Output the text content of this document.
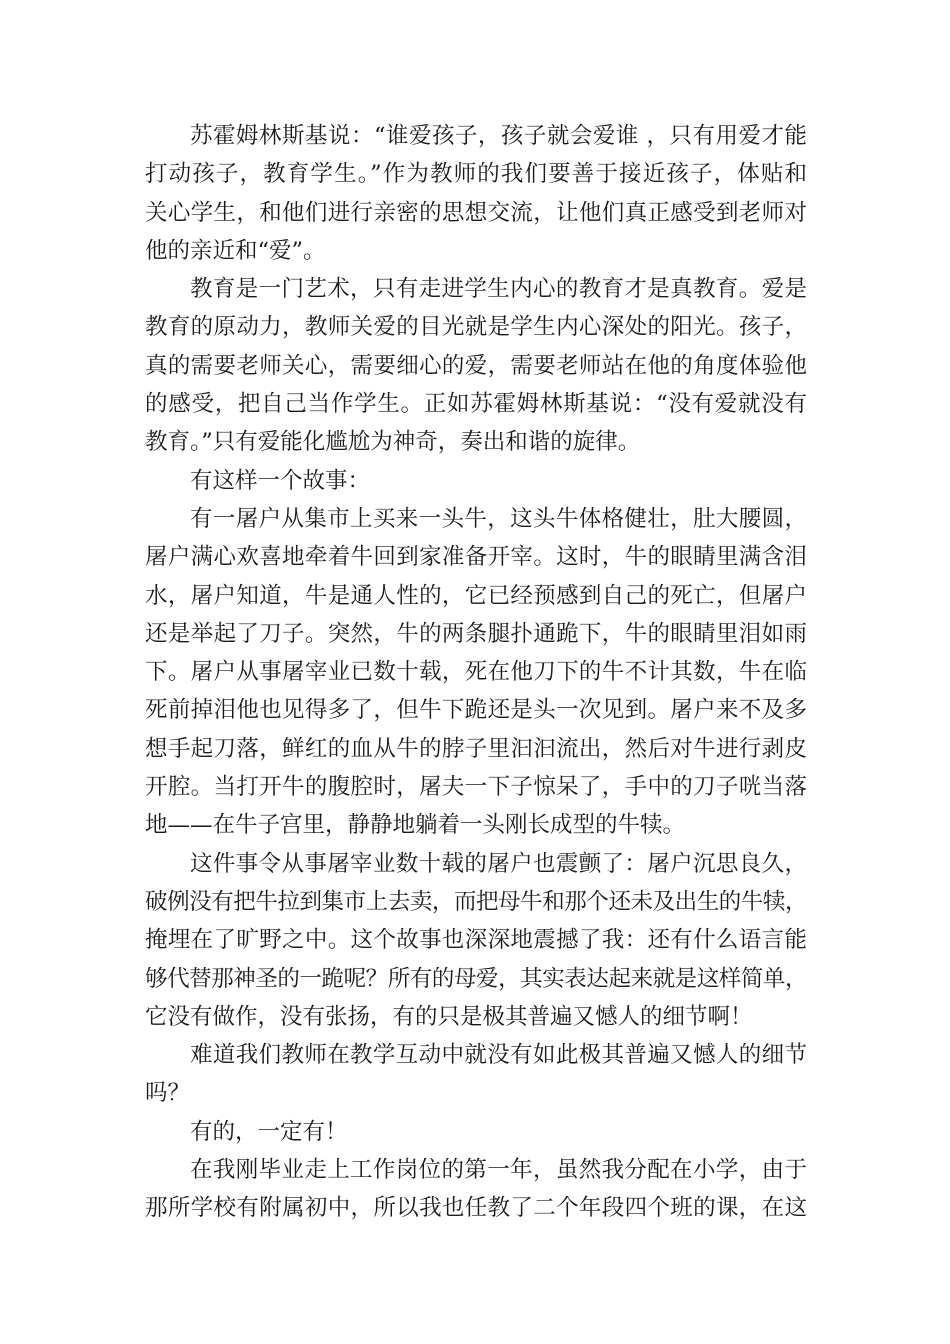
苏霍姆林斯基说：“谁爱孩子，孩子就会爱谁 ，只有用爱才能
打动孩子，教育学生。”作为教师的我们要善于接近孩子，体贴和
关心学生，和他们进行亲密的思想交流，让他们真正感受到老师对
他的亲近和“爱”。
教育是一门艺术，只有走进学生内心的教育才是真教育。爱是
教育的原动力，教师关爱的目光就是学生内心深处的阳光。孩子，
真的需要老师关心，需要细心的爱，需要老师站在他的角度体验他
的感受，把自己当作学生。正如苏霍姆林斯基说：“没有爱就没有
教育。”只有爱能化尴尬为神奇，奏出和谐的旋律。
有这样一个故事：
有一屠户从集市上买来一头牛，这头牛体格健壮，肚大腰圆，
屠户满心欢喜地牵着牛回到家准备开宰。这时，牛的眼睛里满含泪
水，屠户知道，牛是通人性的，它已经预感到自己的死亡，但屠户
还是举起了刀子。突然，牛的两条腿扑通跪下，牛的眼睛里泪如雨
下。屠户从事屠宰业已数十载，死在他刀下的牛不计其数，牛在临
死前掉泪他也见得多了，但牛下跪还是头一次见到。屠户来不及多
想手起刀落，鲜红的血从牛的脖子里汩汩流出，然后对牛进行剥皮
开腔。当打开牛的腹腔时，屠夫一下子惊呆了，手中的刀子咣当落
地——在牛子宫里，静静地躺着一头刚长成型的牛犊。
这件事令从事屠宰业数十载的屠户也震颤了：屠户沉思良久，
破例没有把牛拉到集市上去卖，而把母牛和那个还未及出生的牛犊，
掩埋在了旷野之中。这个故事也深深地震撼了我：还有什么语言能
够代替那神圣的一跪呢？所有的母爱，其实表达起来就是这样简单，
它没有做作，没有张扬，有的只是极其普遍又憾人的细节啊！
难道我们教师在教学互动中就没有如此极其普遍又憾人的细节
吗？
有的，一定有！
在我刚毕业走上工作岗位的第一年，虽然我分配在小学，由于
那所学校有附属初中，所以我也任教了二个年段四个班的课，在这
